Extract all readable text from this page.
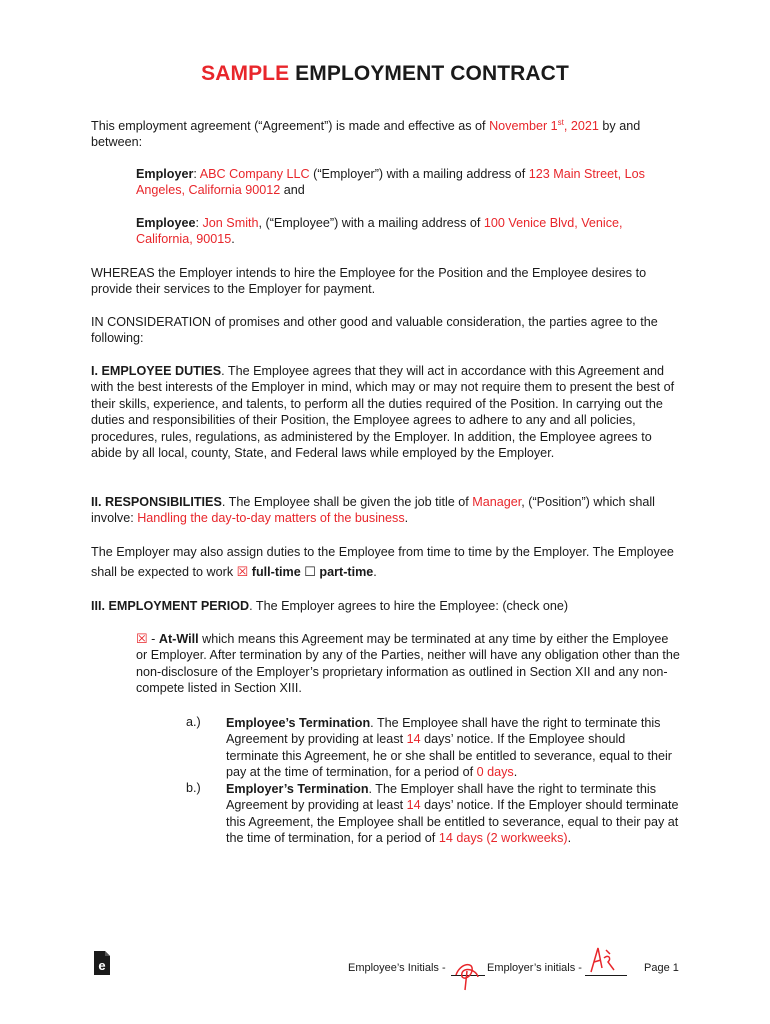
SAMPLE EMPLOYMENT CONTRACT

This employment agreement (“Agreement”) is made and effective as of November 1st, 2021 by and between:

Employer: ABC Company LLC (“Employer”) with a mailing address of 123 Main Street, Los Angeles, California 90012 and

Employee: Jon Smith, (“Employee”) with a mailing address of 100 Venice Blvd, Venice, California, 90015.

WHEREAS the Employer intends to hire the Employee for the Position and the Employee desires to provide their services to the Employer for payment.

IN CONSIDERATION of promises and other good and valuable consideration, the parties agree to the following:

I. EMPLOYEE DUTIES. The Employee agrees that they will act in accordance with this Agreement and with the best interests of the Employer in mind, which may or may not require them to present the best of their skills, experience, and talents, to perform all the duties required of the Position. In carrying out the duties and responsibilities of their Position, the Employee agrees to adhere to any and all policies, procedures, rules, regulations, as administered by the Employer. In addition, the Employee agrees to abide by all local, county, State, and Federal laws while employed by the Employer.

II. RESPONSIBILITIES. The Employee shall be given the job title of Manager, (“Position”) which shall involve: Handling the day-to-day matters of the business.

The Employer may also assign duties to the Employee from time to time by the Employer. The Employee shall be expected to work ☒ full-time ☐ part-time.

III. EMPLOYMENT PERIOD. The Employer agrees to hire the Employee: (check one)

☒ - At-Will which means this Agreement may be terminated at any time by either the Employee or Employer. After termination by any of the Parties, neither will have any obligation other than the non-disclosure of the Employer’s proprietary information as outlined in Section XII and any non-compete listed in Section XIII.

a.)	Employee’s Termination. The Employee shall have the right to terminate this Agreement by providing at least 14 days’ notice. If the Employee should terminate this Agreement, he or she shall be entitled to severance, equal to their pay at the time of termination, for a period of 0 days.

b.)	Employer’s Termination. The Employer shall have the right to terminate this Agreement by providing at least 14 days’ notice. If the Employer should terminate this Agreement, the Employee shall be entitled to severance, equal to their pay at the time of termination, for a period of 14 days (2 workweeks).

e	Employee’s Initials -	Employer’s initials -	Page 1
